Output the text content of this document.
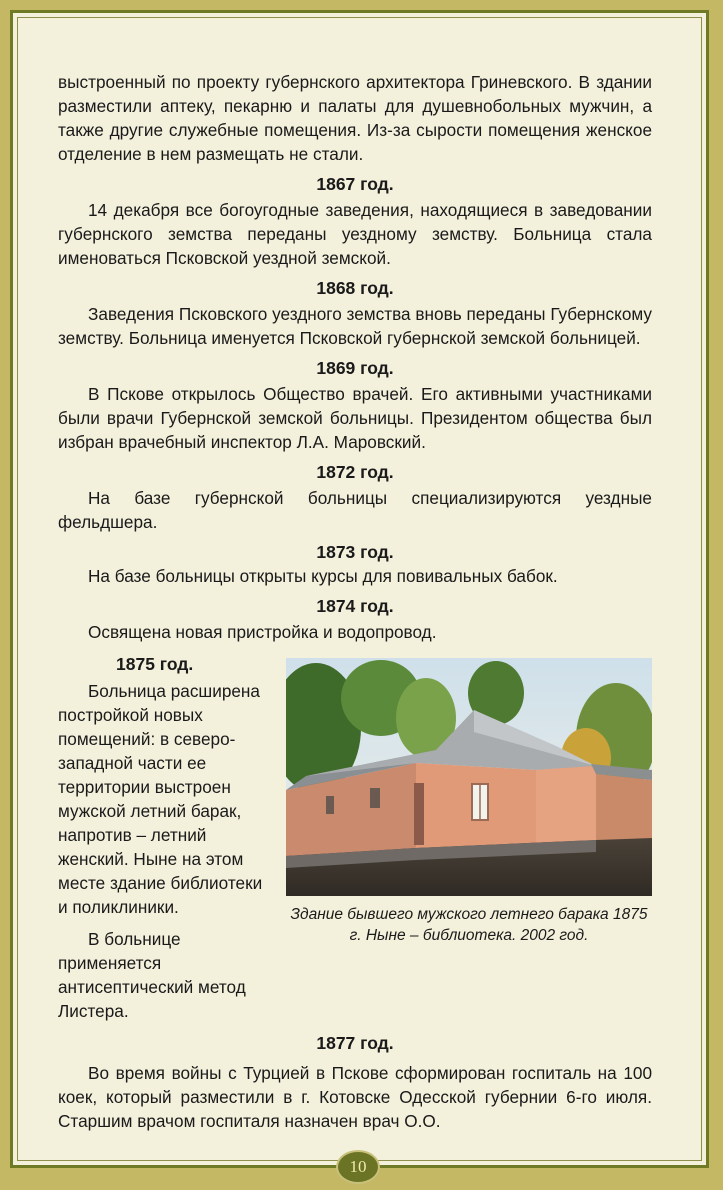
выстроенный по проекту губернского архитектора Гриневского. В здании разместили аптеку, пекарню и палаты для душевнобольных мужчин, а также другие служебные помещения. Из-за сырости помещения женское отделение в нем размещать не стали.

1867 год.

14 декабря все богоугодные заведения, находящиеся в заведовании губернского земства переданы уездному земству. Больница стала именоваться Псковской уездной земской.

1868 год.

Заведения Псковского уездного земства вновь переданы Губернскому земству. Больница именуется Псковской губернской земской больницей.

1869 год.

В Пскове открылось Общество врачей. Его активными участниками были врачи Губернской земской больницы. Президентом общества был избран врачебный инспектор Л.А. Маровский.

1872 год.

На базе губернской больницы специализируются уездные фельдшера.

1873 год.

На базе больницы открыты курсы для повивальных бабок.

1874 год.

Освящена новая пристройка и водопровод.

1875 год.

Больница расширена постройкой новых помещений: в северо-западной части ее территории выстроен мужской летний барак, напротив – летний женский. Ныне на этом месте здание библиотеки и поликлиники.

В больнице применяется антисептический метод Листера.

Здание бывшего мужского летнего барака 1875 г. Ныне – библиотека. 2002 год.
1877 год.

Во время войны с Турцией в Пскове сформирован госпиталь на 100 коек, который разместили в г. Котовске Одесской губернии 6-го июля. Старшим врачом госпиталя назначен врач О.О.

10
